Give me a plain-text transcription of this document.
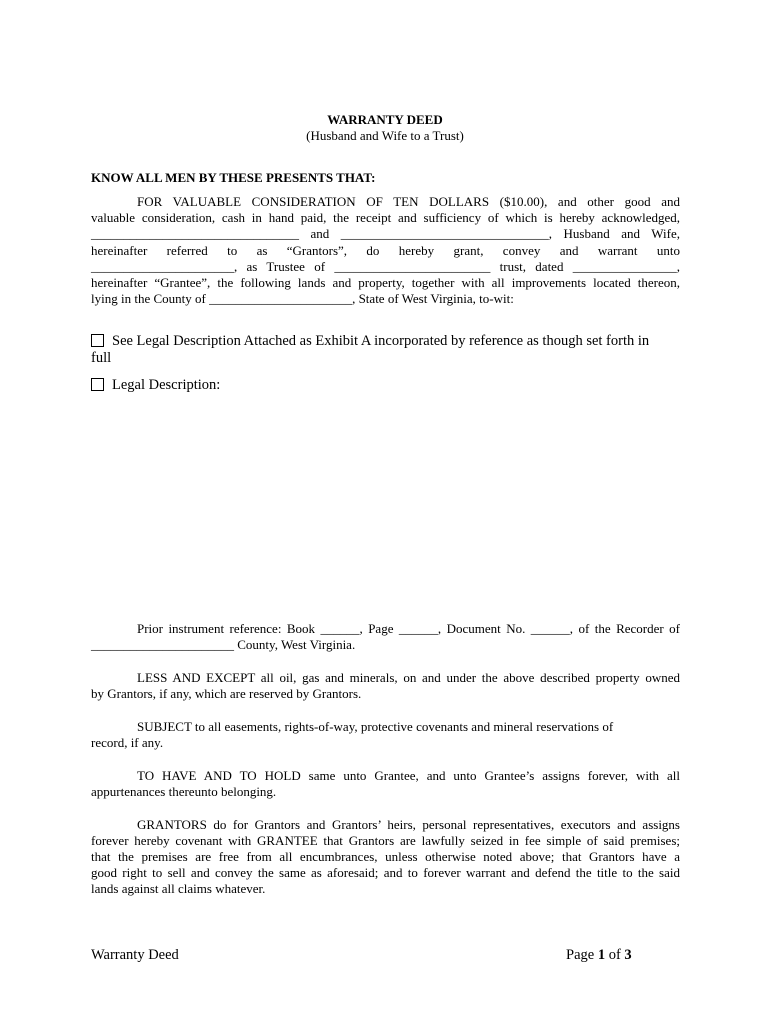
WARRANTY DEED
(Husband and Wife to a Trust)
KNOW ALL MEN BY THESE PRESENTS THAT:
FOR VALUABLE CONSIDERATION OF TEN DOLLARS ($10.00), and other good and
valuable consideration, cash in hand paid, the receipt and sufficiency of which is hereby acknowledged,
________________________________ and ________________________________, Husband and Wife,
hereinafter referred to as “Grantors”, do hereby grant, convey and warrant unto
______________________, as Trustee of ________________________ trust, dated ________________,
hereinafter “Grantee”, the following lands and property, together with all improvements located thereon,
lying in the County of ______________________, State of West Virginia, to-wit:
See Legal Description Attached as Exhibit A incorporated by reference as though set forth in
full
Legal Description:
Prior instrument reference: Book ______, Page ______, Document No. ______, of the Recorder of
______________________ County, West Virginia.
LESS AND EXCEPT all oil, gas and minerals, on and under the above described property owned
by Grantors, if any, which are reserved by Grantors.
SUBJECT to all easements, rights-of-way, protective covenants and mineral reservations of
record, if any.
TO HAVE AND TO HOLD same unto Grantee, and unto Grantee’s assigns forever, with all
appurtenances thereunto belonging.
GRANTORS do for Grantors and Grantors’ heirs, personal representatives, executors and assigns
forever hereby covenant with GRANTEE that Grantors are lawfully seized in fee simple of said premises;
that the premises are free from all encumbrances, unless otherwise noted above; that Grantors have a
good right to sell and convey the same as aforesaid; and to forever warrant and defend the title to the said
lands against all claims whatever.
Warranty Deed	Page 1 of 3
